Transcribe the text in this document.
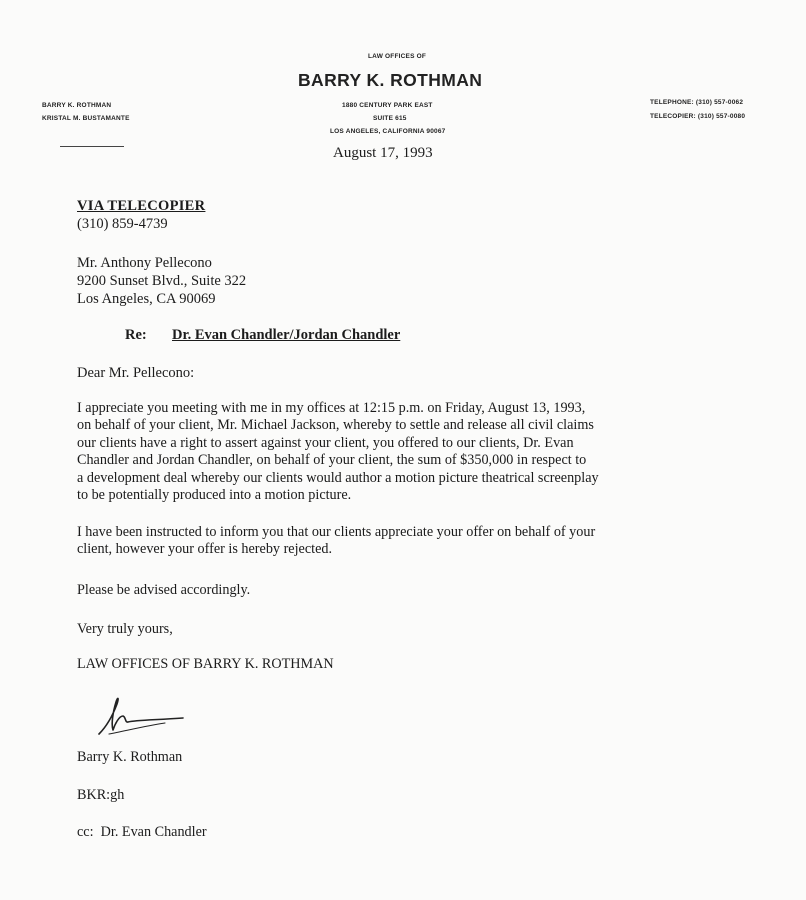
LAW OFFICES OF
BARRY K. ROTHMAN
BARRY K. ROTHMAN
KRISTAL M. BUSTAMANTE
1880 CENTURY PARK EAST
SUITE 615
LOS ANGELES, CALIFORNIA 90067
TELEPHONE: (310) 557-0062
TELECOPIER: (310) 557-0080
August 17, 1993
VIA TELECOPIER
(310) 859-4739
Mr. Anthony Pellecono
9200 Sunset Blvd., Suite 322
Los Angeles, CA 90069
Re: Dr. Evan Chandler/Jordan Chandler
Dear Mr. Pellecono:
I appreciate you meeting with me in my offices at 12:15 p.m. on Friday, August 13, 1993,
on behalf of your client, Mr. Michael Jackson, whereby to settle and release all civil claims
our clients have a right to assert against your client, you offered to our clients, Dr. Evan
Chandler and Jordan Chandler, on behalf of your client, the sum of $350,000 in respect to
a development deal whereby our clients would author a motion picture theatrical screenplay
to be potentially produced into a motion picture.
I have been instructed to inform you that our clients appreciate your offer on behalf of your
client, however your offer is hereby rejected.
Please be advised accordingly.
Very truly yours,
LAW OFFICES OF BARRY K. ROTHMAN
Barry K. Rothman
BKR:gh
cc:  Dr. Evan Chandler
